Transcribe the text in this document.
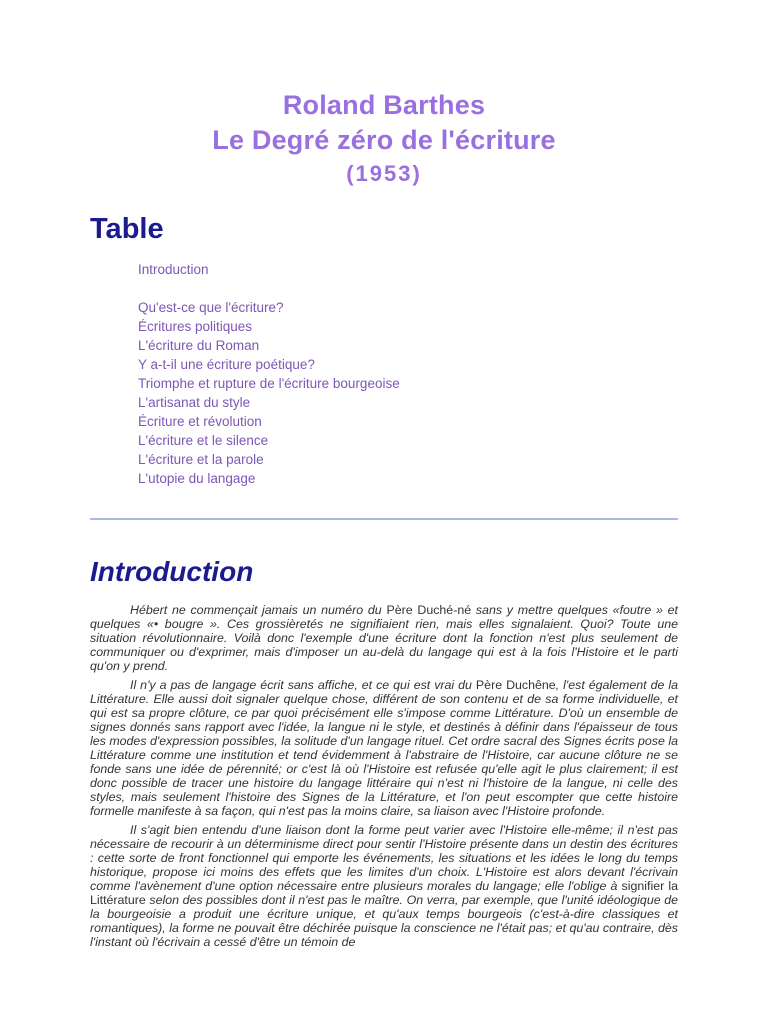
Roland Barthes
Le Degré zéro de l'écriture
(1953)
Table
Introduction
Qu'est-ce que l'écriture?
Écritures politiques
L'écriture du Roman
Y a-t-il une écriture poétique?
Triomphe et rupture de l'écriture bourgeoise
L'artisanat du style
Écriture et révolution
L'écriture et le silence
L'écriture et la parole
L'utopie du langage
Introduction

Hébert ne commençait jamais un numéro du Père Duché-né sans y mettre quelques «foutre » et quelques «• bougre ». Ces grossièretés ne signifiaient rien, mais elles signalaient. Quoi? Toute une situation révolutionnaire. Voilà donc l'exemple d'une écriture dont la fonction n'est plus seulement de communiquer ou d'exprimer, mais d'imposer un au-delà du langage qui est à la fois l'Histoire et le parti qu'on y prend.

Il n'y a pas de langage écrit sans affiche, et ce qui est vrai du Père Duchêne, l'est également de la Littérature. Elle aussi doit signaler quelque chose, différent de son contenu et de sa forme individuelle, et qui est sa propre clôture, ce par quoi précisément elle s'impose comme Littérature. D'où un ensemble de signes donnés sans rapport avec l'idée, la langue ni le style, et destinés à définir dans l'épaisseur de tous les modes d'expression possibles, la solitude d'un langage rituel. Cet ordre sacral des Signes écrits pose la Littérature comme une institution et tend évidemment à l'abstraire de l'Histoire, car aucune clôture ne se fonde sans une idée de pérennité; or c'est là où l'Histoire est refusée qu'elle agit le plus clairement; il est donc possible de tracer une histoire du langage littéraire qui n'est ni l'histoire de la langue, ni celle des styles, mais seulement l'histoire des Signes de la Littérature, et l'on peut escompter que cette histoire formelle manifeste à sa façon, qui n'est pas la moins claire, sa liaison avec l'Histoire profonde.

Il s'agit bien entendu d'une liaison dont la forme peut varier avec l'Histoire elle-même; il n'est pas nécessaire de recourir à un déterminisme direct pour sentir l'Histoire présente dans un destin des écritures : cette sorte de front fonctionnel qui emporte les événements, les situations et les idées le long du temps historique, propose ici moins des effets que les limites d'un choix. L'Histoire est alors devant l'écrivain comme l'avènement d'une option nécessaire entre plusieurs morales du langage; elle l'oblige à signifier la Littérature selon des possibles dont il n'est pas le maître. On verra, par exemple, que l'unité idéologique de la bourgeoisie a produit une écriture unique, et qu'aux temps bourgeois (c'est-à-dire classiques et romantiques), la forme ne pouvait être déchirée puisque la conscience ne l'était pas; et qu'au contraire, dès l'instant où l'écrivain a cessé d'être un témoin de
